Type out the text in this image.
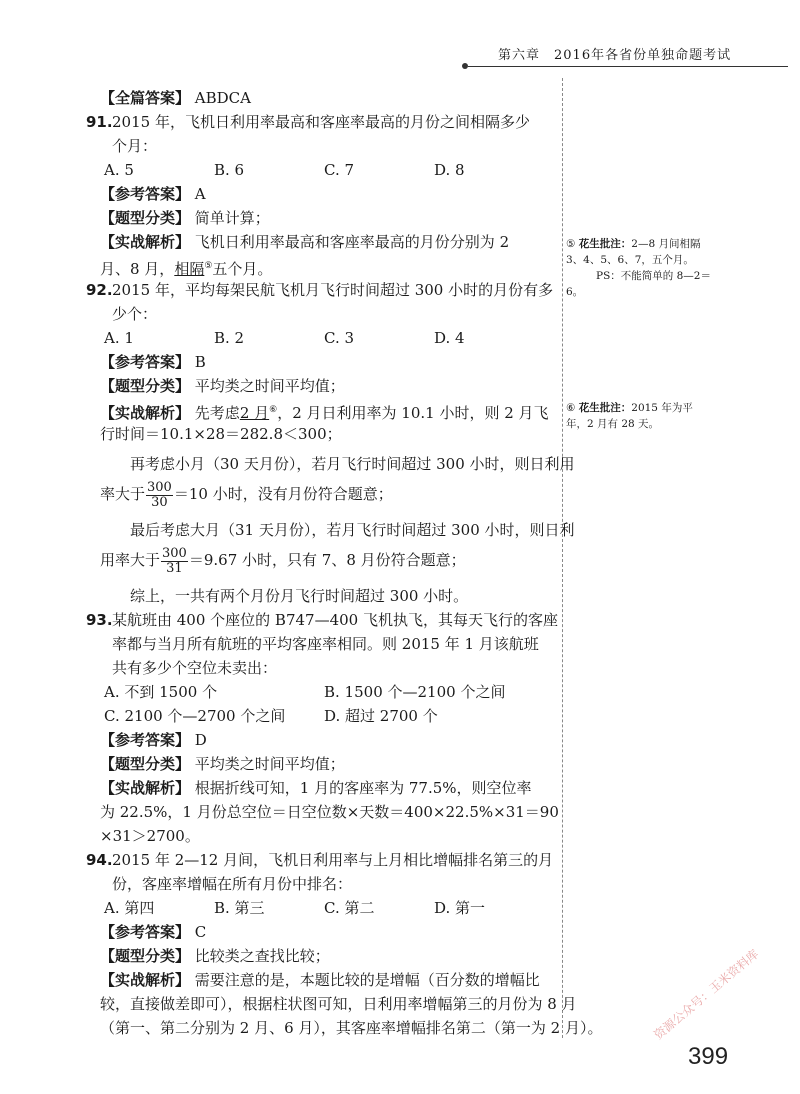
第六章　2016年各省份单独命题考试
【全篇答案】 ABDCA
91. 2015 年，飞机日利用率最高和客座率最高的月份之间相隔多少
个月：
A. 5	B. 6	C. 7	D. 8
【参考答案】 A
【题型分类】 简单计算；
【实战解析】 飞机日利用率最高和客座率最高的月份分别为 2
月、8 月，相隔⑤五个月。
92. 2015 年，平均每架民航飞机月飞行时间超过 300 小时的月份有多
少个：
A. 1	B. 2	C. 3	D. 4
【参考答案】 B
【题型分类】 平均类之时间平均值；
【实战解析】 先考虑2 月⑥，2 月日利用率为 10.1 小时，则 2 月飞
行时间＝10.1×28＝282.8＜300；
再考虑小月（30 天月份），若月飞行时间超过 300 小时，则日利用
率大于 $\frac{300}{30} =10$ 小时，没有月份符合题意；
最后考虑大月（31 天月份），若月飞行时间超过 300 小时，则日利
用率大于 $\frac{300}{31} =9.67$ 小时，只有 7、8 月份符合题意；
综上，一共有两个月份月飞行时间超过 300 小时。
93. 某航班由 400 个座位的 B747—400 飞机执飞，其每天飞行的客座
率都与当月所有航班的平均客座率相同。则 2015 年 1 月该航班
共有多少个空位未卖出：
A. 不到 1500 个	B. 1500 个—2100 个之间
C. 2100 个—2700 个之间	D. 超过 2700 个
【参考答案】 D
【题型分类】 平均类之时间平均值；
【实战解析】 根据折线可知，1 月的客座率为 77.5%，则空位率
为 22.5%，1 月份总空位＝日空位数×天数＝400×22.5%×31＝90
×31＞2700。
94. 2015 年 2—12 月间，飞机日利用率与上月相比增幅排名第三的月
份，客座率增幅在所有月份中排名：
A. 第四	B. 第三	C. 第二	D. 第一
【参考答案】 C
【题型分类】 比较类之查找比较；
【实战解析】 需要注意的是，本题比较的是增幅（百分数的增幅比
较，直接做差即可），根据柱状图可知，日利用率增幅第三的月份为 8 月
（第一、第二分别为 2 月、6 月），其客座率增幅排名第二（第一为 2 月）。
⑤ 花生批注：2—8 月间相隔
3、4、5、6、7，五个月。
PS：不能简单的 8—2＝
6。
⑥ 花生批注：2015 年为平
年，2 月有 28 天。
399
资源公众号：玉米资料库
